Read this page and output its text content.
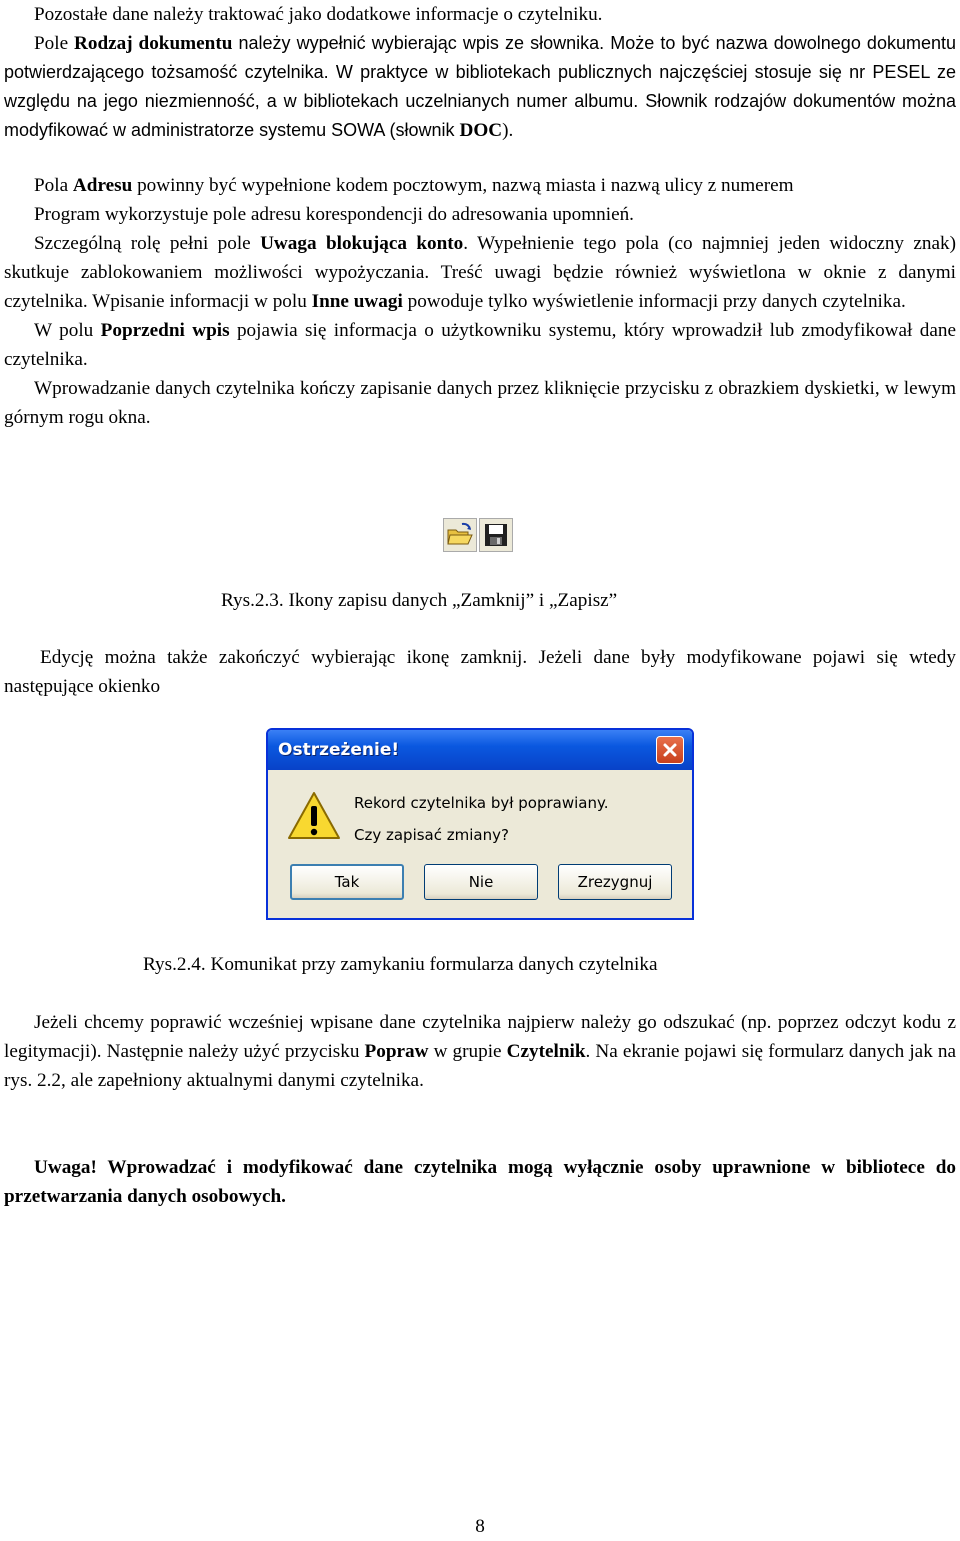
Pozostałe dane należy traktować jako dodatkowe informacje o czytelniku.
Pole Rodzaj dokumentu należy wypełnić wybierając wpis ze słownika. Może to być nazwa dowolnego dokumentu potwierdzającego tożsamość czytelnika. W praktyce w bibliotekach publicznych najczęściej stosuje się nr PESEL ze względu na jego niezmienność, a w bibliotekach uczelnianych numer albumu. Słownik rodzajów dokumentów można modyfikować w administratorze systemu SOWA (słownik DOC).

Pola Adresu powinny być wypełnione kodem pocztowym, nazwą miasta i nazwą ulicy z numerem
Program wykorzystuje pole adresu korespondencji do adresowania upomnień.
Szczególną rolę pełni pole Uwaga blokująca konto. Wypełnienie tego pola (co najmniej jeden widoczny znak) skutkuje zablokowaniem możliwości wypożyczania. Treść uwagi będzie również wyświetlona w oknie z danymi czytelnika. Wpisanie informacji w polu Inne uwagi powoduje tylko wyświetlenie informacji przy danych czytelnika.
W polu Poprzedni wpis pojawia się informacja o użytkowniku systemu, który wprowadził lub zmodyfikował dane czytelnika.
Wprowadzanie danych czytelnika kończy zapisanie danych przez kliknięcie przycisku z obrazkiem dyskietki, w lewym górnym rogu okna.

Rys.2.3. Ikony zapisu danych „Zamknij” i „Zapisz”

Edycję można także zakończyć wybierając ikonę zamknij. Jeżeli dane były modyfikowane pojawi się wtedy następujące okienko

Ostrzeżenie!
Rekord czytelnika był poprawiany.
Czy zapisać zmiany?
Tak	Nie	Zrezygnuj

Rys.2.4. Komunikat przy zamykaniu formularza danych czytelnika

Jeżeli chcemy poprawić wcześniej wpisane dane czytelnika najpierw należy go odszukać (np. poprzez odczyt kodu z legitymacji). Następnie należy użyć przycisku Popraw w grupie Czytelnik. Na ekranie pojawi się formularz danych jak na rys. 2.2, ale zapełniony aktualnymi danymi czytelnika.

Uwaga! Wprowadzać i modyfikować dane czytelnika mogą wyłącznie osoby uprawnione w bibliotece do przetwarzania danych osobowych.

8
